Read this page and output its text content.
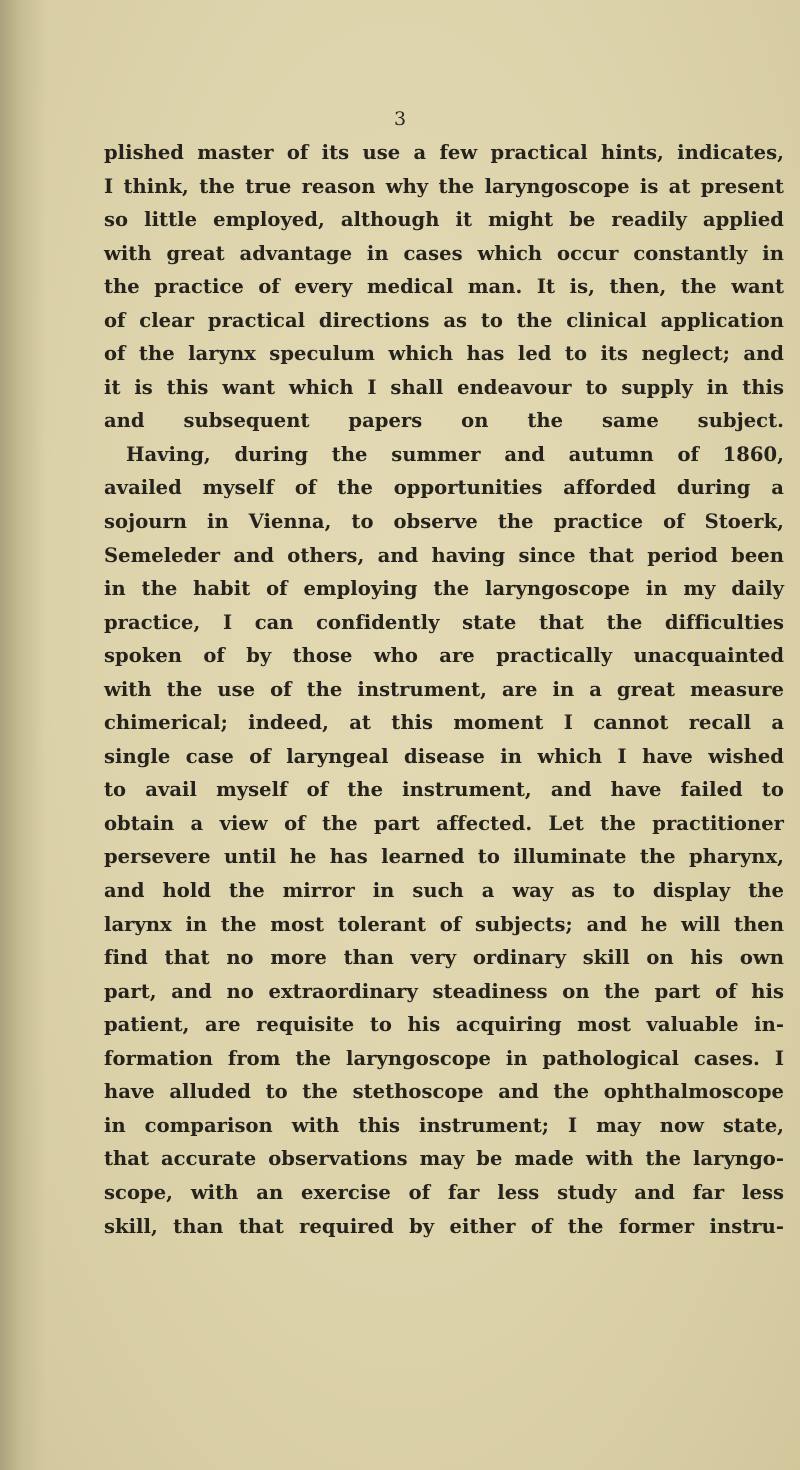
3

plished master of its use a few practical hints, indicates,
I think, the true reason why the laryngoscope is at present
so little employed, although it might be readily applied
with great advantage in cases which occur constantly in
the practice of every medical man. It is, then, the want
of clear practical directions as to the clinical application
of the larynx speculum which has led to its neglect; and
it is this want which I shall endeavour to supply in this
and subsequent papers on the same subject.
Having, during the summer and autumn of 1860,
availed myself of the opportunities afforded during a
sojourn in Vienna, to observe the practice of Stoerk,
Semeleder and others, and having since that period been
in the habit of employing the laryngoscope in my daily
practice, I can confidently state that the difficulties
spoken of by those who are practically unacquainted
with the use of the instrument, are in a great measure
chimerical; indeed, at this moment I cannot recall a
single case of laryngeal disease in which I have wished
to avail myself of the instrument, and have failed to
obtain a view of the part affected. Let the practitioner
persevere until he has learned to illuminate the pharynx,
and hold the mirror in such a way as to display the
larynx in the most tolerant of subjects; and he will then
find that no more than very ordinary skill on his own
part, and no extraordinary steadiness on the part of his
patient, are requisite to his acquiring most valuable in-
formation from the laryngoscope in pathological cases. I
have alluded to the stethoscope and the ophthalmoscope
in comparison with this instrument; I may now state,
that accurate observations may be made with the laryngo-
scope, with an exercise of far less study and far less
skill, than that required by either of the former instru-
